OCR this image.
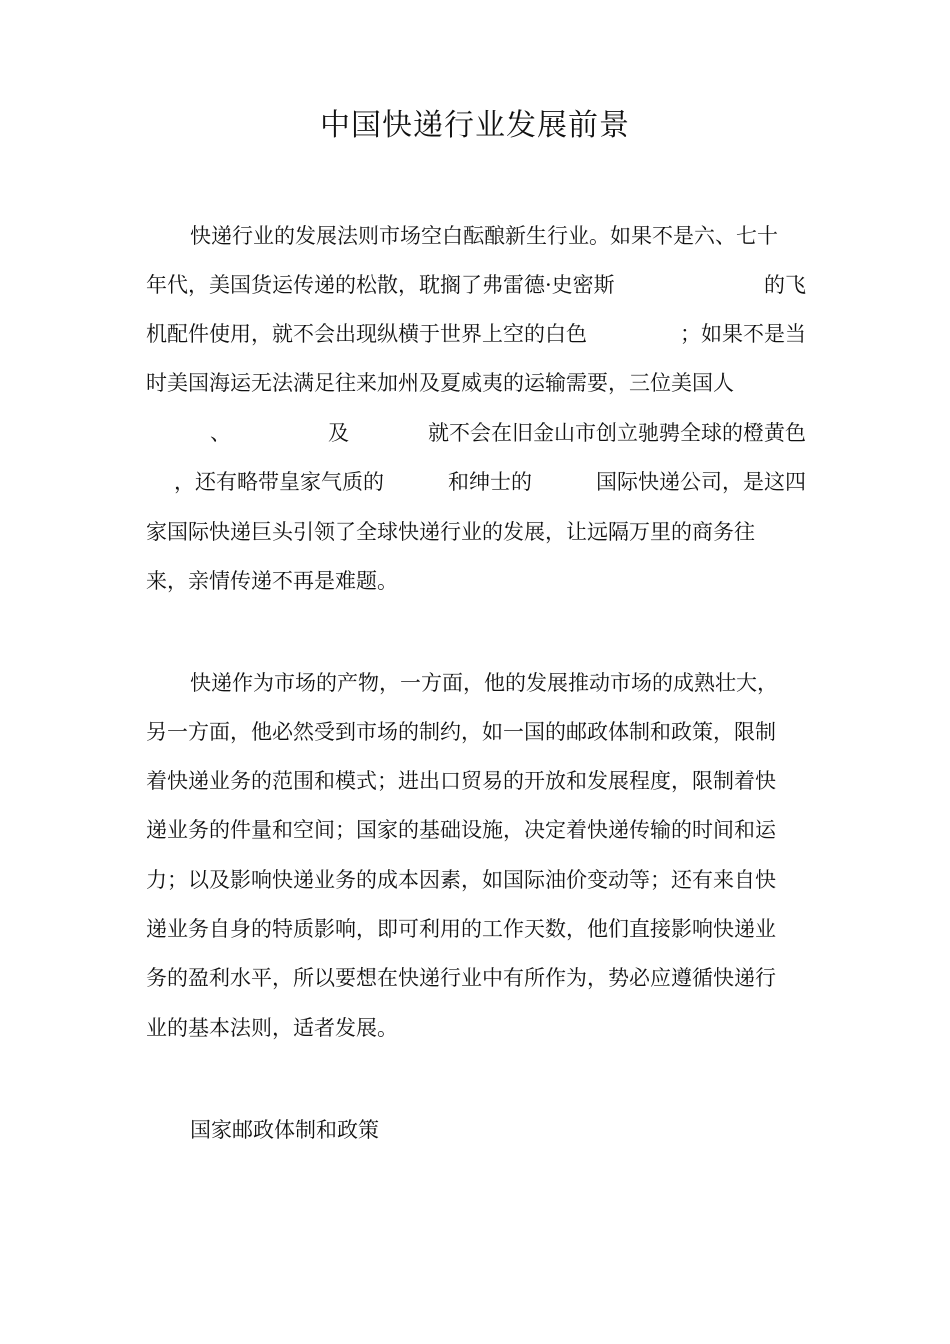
中国快递行业发展前景
快递行业的发展法则市场空白酝酿新生行业。如果不是六、七十
年代，美国货运传递的松散，耽搁了弗雷德·史密斯	的飞
机配件使用，就不会出现纵横于世界上空的白色	；如果不是当
时美国海运无法满足往来加州及夏威夷的运输需要，三位美国人
、	及	就不会在旧金山市创立驰骋全球的橙黄色
，还有略带皇家气质的	和绅士的	国际快递公司，是这四
家国际快递巨头引领了全球快递行业的发展，让远隔万里的商务往
来，亲情传递不再是难题。
快递作为市场的产物，一方面，他的发展推动市场的成熟壮大，
另一方面，他必然受到市场的制约，如一国的邮政体制和政策，限制
着快递业务的范围和模式；进出口贸易的开放和发展程度，限制着快
递业务的件量和空间；国家的基础设施，决定着快递传输的时间和运
力；以及影响快递业务的成本因素，如国际油价变动等；还有来自快
递业务自身的特质影响，即可利用的工作天数，他们直接影响快递业
务的盈利水平，所以要想在快递行业中有所作为，势必应遵循快递行
业的基本法则，适者发展。
国家邮政体制和政策
